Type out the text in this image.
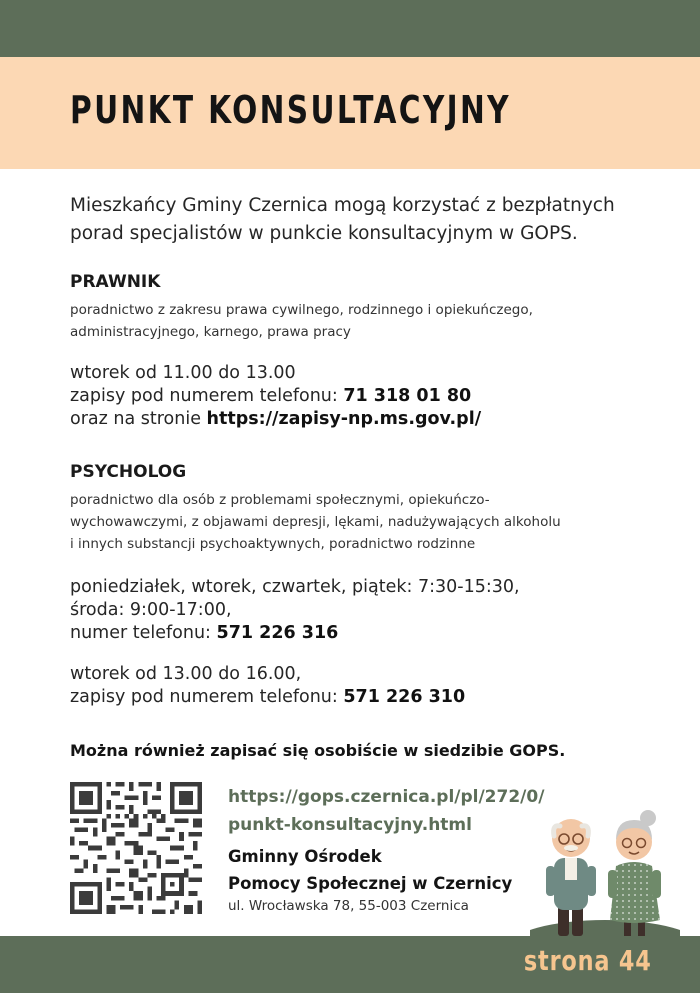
PUNKT KONSULTACYJNY
Mieszkańcy Gminy Czernica mogą korzystać z bezpłatnych
porad specjalistów w punkcie konsultacyjnym w GOPS.
PRAWNIK
poradnictwo z zakresu prawa cywilnego, rodzinnego i opiekuńczego,
administracyjnego, karnego, prawa pracy
wtorek od 11.00 do 13.00
zapisy pod numerem telefonu: 71 318 01 80
oraz na stronie https://zapisy-np.ms.gov.pl/
PSYCHOLOG
poradnictwo dla osób z problemami społecznymi, opiekuńczo-
wychowawczymi, z objawami depresji, lękami, nadużywających alkoholu
i innych substancji psychoaktywnych, poradnictwo rodzinne
poniedziałek, wtorek, czwartek, piątek: 7:30-15:30,
środa: 9:00-17:00,
numer telefonu: 571 226 316
wtorek od 13.00 do 16.00,
zapisy pod numerem telefonu: 571 226 310
Można również zapisać się osobiście w siedzibie GOPS.
https://gops.czernica.pl/pl/272/0/
punkt-konsultacyjny.html
Gminny Ośrodek
Pomocy Społecznej w Czernicy
ul. Wrocławska 78, 55-003 Czernica
strona 44
